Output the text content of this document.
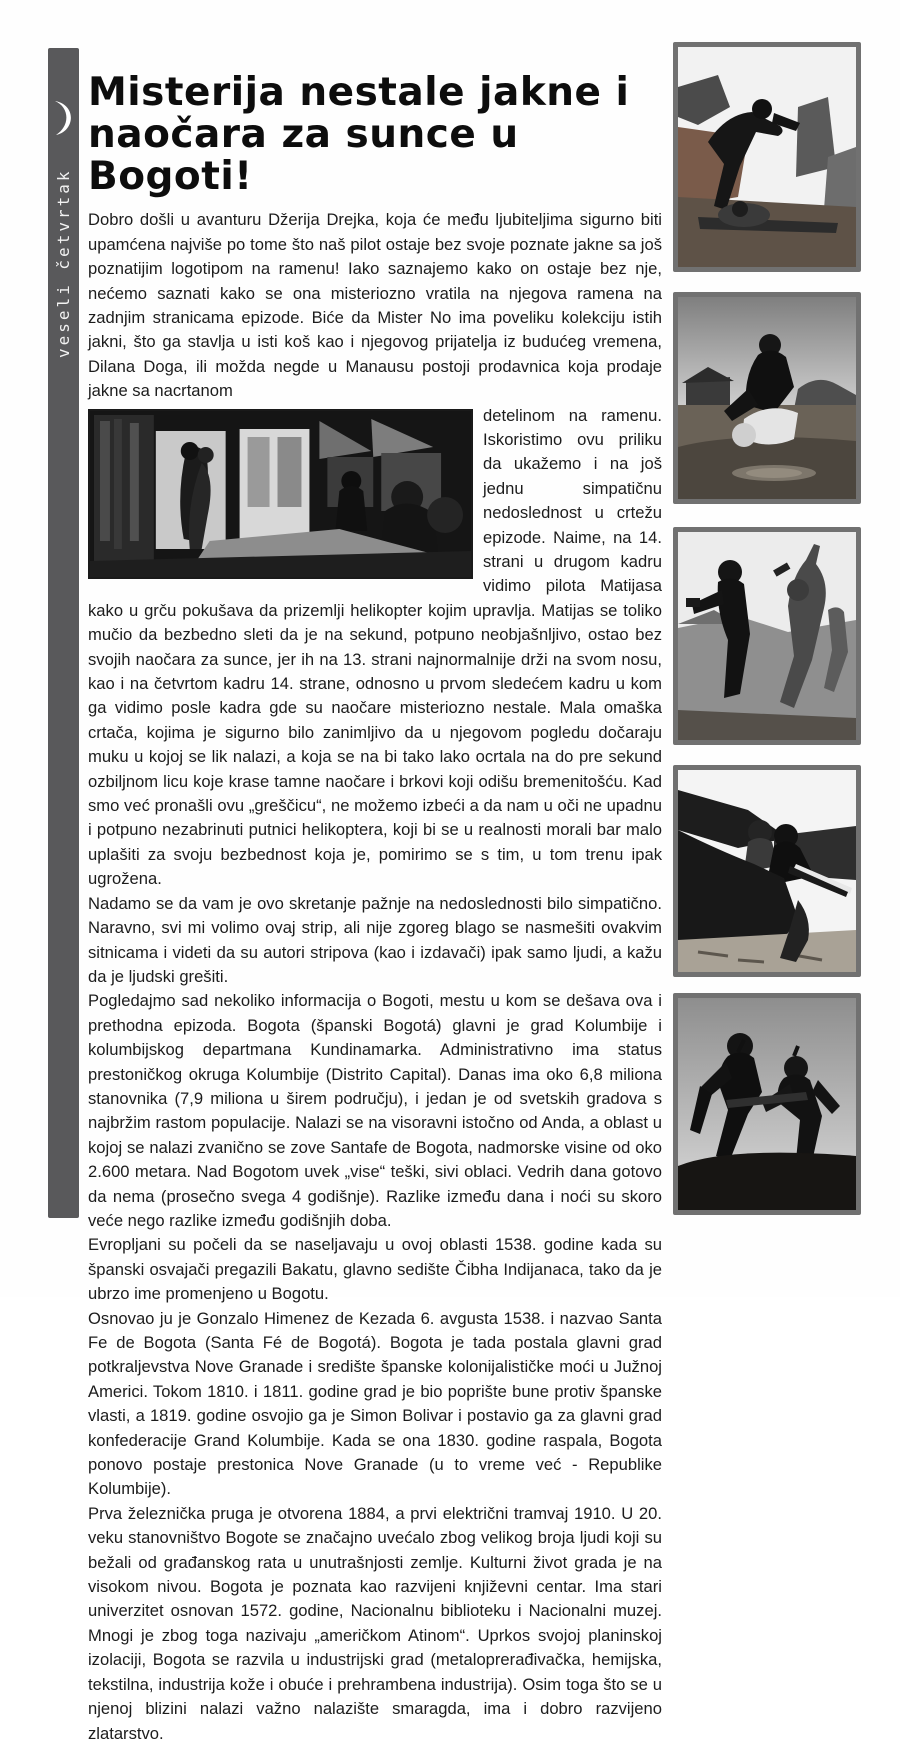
veseli četvrtak
Misterija nestale jakne i
naočara za sunce u Bogoti!

Dobro došli u avanturu Džerija Drejka, koja će među ljubiteljima sigurno biti upamćena najviše po tome što naš pilot ostaje bez svoje poznate jakne sa još poznatijim logotipom na ramenu! Iako saznajemo kako on ostaje bez nje, nećemo saznati kako se ona misteriozno vratila na njegova ramena na zadnjim stranicama epizode. Biće da Mister No ima poveliku kolekciju istih jakni, što ga stavlja u isti koš kao i njegovog prijatelja iz budućeg vremena, Dilana Doga, ili možda negde u Manausu postoji prodavnica koja prodaje jakne sa nacrtanom

detelinom na ramenu. Iskoristimo ovu priliku da ukažemo i na još jednu simpatičnu nedoslednost u crtežu epizode. Naime, na 14. strani u drugom kadru vidimo pilota Matijasa kako u grču pokušava da prizemlji helikopter kojim upravlja. Matijas se toliko mučio da bezbedno sleti da je na sekund, potpuno neobjašnljivo, ostao bez svojih naočara za sunce, jer ih na 13. strani najnormalnije drži na svom nosu, kao i na četvrtom kadru 14. strane, odnosno u prvom sledećem kadru u kom ga vidimo posle kadra gde su naočare misteriozno nestale. Mala omaška crtača, kojima je sigurno bilo zanimljivo da u njegovom pogledu dočaraju muku u kojoj se lik nalazi, a koja se na bi tako lako ocrtala na do pre sekund ozbiljnom licu koje krase tamne naočare i brkovi koji odišu bremenitošću. Kad smo već pronašli ovu „greščicu“, ne možemo izbeći a da nam u oči ne upadnu i potpuno nezabrinuti putnici helikoptera, koji bi se u realnosti morali bar malo uplašiti za svoju bezbednost koja je, pomirimo se s tim, u tom trenu ipak ugrožena.

Nadamo se da vam je ovo skretanje pažnje na nedoslednosti bilo simpatično. Naravno, svi mi volimo ovaj strip, ali nije zgoreg blago se nasmešiti ovakvim sitnicama i videti da su autori stripova (kao i izdavači) ipak samo ljudi, a kažu da je ljudski grešiti.

Pogledajmo sad nekoliko informacija o Bogoti, mestu u kom se dešava ova i prethodna epizoda. Bogota (španski Bogotá) glavni je grad Kolumbije i kolumbijskog departmana Kundinamarka. Administrativno ima status prestoničkog okruga Kolumbije (Distrito Capital). Danas ima oko 6,8 miliona stanovnika (7,9 miliona u širem području), i jedan je od svetskih gradova s najbržim rastom populacije. Nalazi se na visoravni istočno od Anda, a oblast u kojoj se nalazi zvanično se zove Santafe de Bogota, nadmorske visine od oko 2.600 metara. Nad Bogotom uvek „vise“ teški, sivi oblaci. Vedrih dana gotovo da nema (prosečno svega 4 godišnje). Razlike između dana i noći su skoro veće nego razlike između godišnjih doba.

Evropljani su počeli da se naseljavaju u ovoj oblasti 1538. godine kada su španski osvajači pregazili Bakatu, glavno sedište Čibha Indijanaca, tako da je ubrzo ime promenjeno u Bogotu.

Osnovao ju je Gonzalo Himenez de Kezada 6. avgusta 1538. i nazvao Santa Fe de Bogota (Santa Fé de Bogotá). Bogota je tada postala glavni grad potkraljevstva Nove Granade i središte španske kolonijalističke moći u Južnoj Americi. Tokom 1810. i 1811. godine grad je bio poprište bune protiv španske vlasti, a 1819. godine osvojio ga je Simon Bolivar i postavio ga za glavni grad konfederacije Grand Kolumbije. Kada se ona 1830. godine raspala, Bogota ponovo postaje prestonica Nove Granade (u to vreme već - Republike Kolumbije).

Prva železnička pruga je otvorena 1884, a prvi električni tramvaj 1910. U 20. veku stanovništvo Bogote se značajno uvećalo zbog velikog broja ljudi koji su bežali od građanskog rata u unutrašnjosti zemlje. Kulturni život grada je na visokom nivou. Bogota je poznata kao razvijeni književni centar. Ima stari univerzitet osnovan 1572. godine, Nacionalnu biblioteku i Nacionalni muzej. Mnogi je zbog toga nazivaju „američkom Atinom“. Uprkos svojoj planinskoj izolaciji, Bogota se razvila u industrijski grad (metaloprerađivačka, hemijska, tekstilna, industrija kože i obuće i prehrambena industrija). Osim toga što se u njenoj blizini nalazi važno nalazište smaragda, ima i dobro razvijeno zlatarstvo.
